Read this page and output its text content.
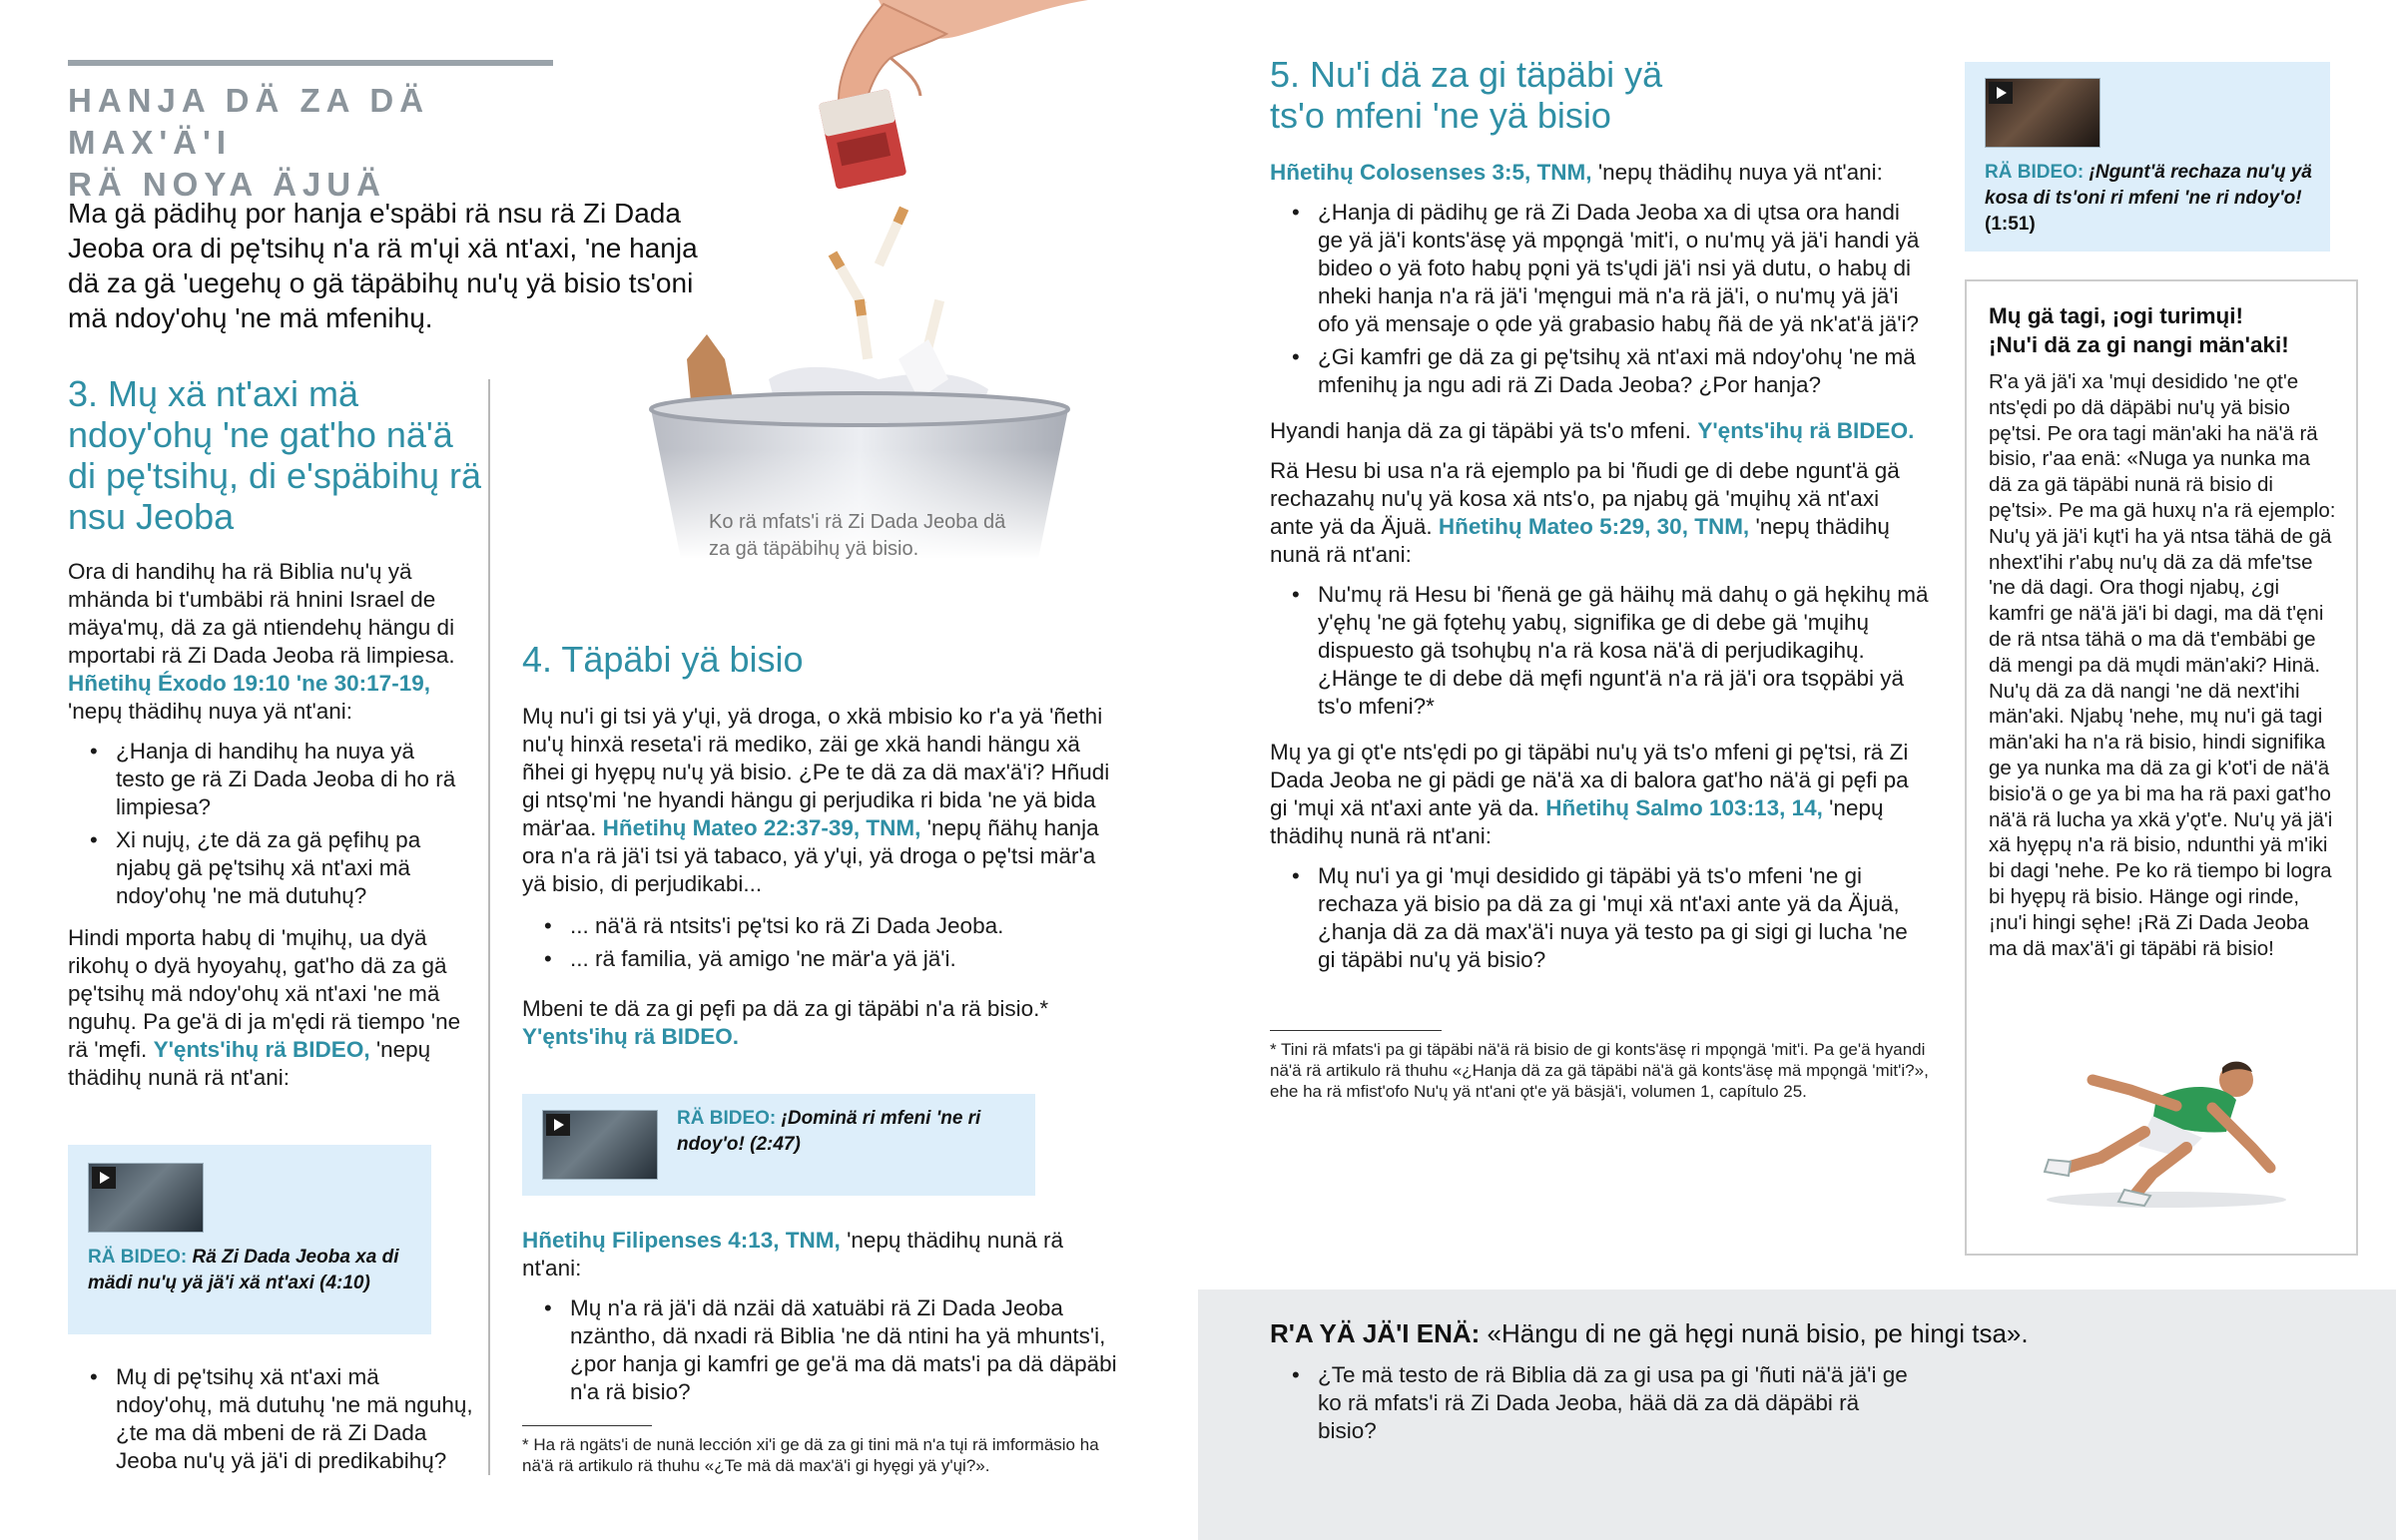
HANJA DÄ ZA DÄ MAX'Ä'I
RÄ NOYA ÄJUÄ

Ma gä pädihų por hanja e'späbi rä nsu rä Zi Dada Jeoba ora di pę'tsihų n'a rä m'ųi xä nt'axi, 'ne hanja dä za gä 'uegehų o gä täpäbihų nu'ų yä bisio ts'oni mä ndoy'ohų 'ne mä mfenihų.

Ko rä mfats'i rä Zi Dada Jeoba dä za gä täpäbihų yä bisio.

3. Mų xä nt'axi mä ndoy'ohų 'ne gat'ho nä'ä di pę'tsihų, di e'späbihų rä nsu Jeoba

Ora di handihų ha rä Biblia nu'ų yä mhända bi t'umbäbi rä hnini Israel de mäya'mų, dä za gä ntiendehų hängu di mportabi rä Zi Dada Jeoba rä limpiesa. Hñetihų Éxodo 19:10 'ne 30:17-19, 'nepų thädihų nuya yä nt'ani:

• ¿Hanja di handihų ha nuya yä testo ge rä Zi Dada Jeoba di ho rä limpiesa?
• Xi nujų, ¿te dä za gä pęfihų pa njabų gä pę'tsihų xä nt'axi mä ndoy'ohų 'ne mä dutuhų?

Hindi mporta habų di 'mųihų, ua dyä rikohų o dyä hyoyahų, gat'ho dä za gä pę'tsihų mä ndoy'ohų xä nt'axi 'ne mä nguhų. Pa ge'ä di ja m'ędi rä tiempo 'ne rä 'męfi. Y'ęnts'ihų rä BIDEO, 'nepų thädihų nunä rä nt'ani:

RÄ BIDEO: Rä Zi Dada Jeoba xa di mädi nu'ų yä jä'i xä nt'axi (4:10)

• Mų di pę'tsihų xä nt'axi mä ndoy'ohų, mä dutuhų 'ne mä nguhų, ¿te ma dä mbeni de rä Zi Dada Jeoba nu'ų yä jä'i di predikabihų?
4. Täpäbi yä bisio

Mų nu'i gi tsi yä y'ųi, yä droga, o xkä mbisio ko r'a yä 'ñethi nu'ų hinxä reseta'i rä mediko, zäi ge xkä handi hängu xä ñhei gi hyępų nu'ų yä bisio. ¿Pe te dä za dä max'ä'i? Hñudi gi ntsǫ'mi 'ne hyandi hängu gi perjudika ri bida 'ne yä bida mär'aa. Hñetihų Mateo 22:37-39, TNM, 'nepų ñähų hanja ora n'a rä jä'i tsi yä tabaco, yä y'ųi, yä droga o pę'tsi mär'a yä bisio, di perjudikabi...

• ... nä'ä rä ntsits'i pę'tsi ko rä Zi Dada Jeoba.
• ... rä familia, yä amigo 'ne mär'a yä jä'i.

Mbeni te dä za gi pęfi pa dä za gi täpäbi n'a rä bisio.*
Y'ęnts'ihų rä BIDEO.

RÄ BIDEO: ¡Dominä ri mfeni 'ne ri ndoy'o! (2:47)

Hñetihų Filipenses 4:13, TNM, 'nepų thädihų nunä rä nt'ani:

• Mų n'a rä jä'i dä nzäi dä xatuäbi rä Zi Dada Jeoba nzäntho, dä nxadi rä Biblia 'ne dä ntini ha yä mhunts'i, ¿por hanja gi kamfri ge ge'ä ma dä mats'i pa dä däpäbi n'a rä bisio?

* Ha rä ngäts'i de nunä lección xi'i ge dä za gi tini mä n'a tųi rä imformäsio ha nä'ä rä artikulo rä thuhu «¿Te mä dä max'ä'i gi hyęgi yä y'ųi?».

5. Nu'i dä za gi täpäbi yä
ts'o mfeni 'ne yä bisio

Hñetihų Colosenses 3:5, TNM, 'nepų thädihų nuya yä nt'ani:

• ¿Hanja di pädihų ge rä Zi Dada Jeoba xa di ųtsa ora handi ge yä jä'i konts'äsę yä mpǫngä 'mit'i, o nu'mų yä jä'i handi yä bideo o yä foto habų pǫni yä ts'ųdi jä'i nsi yä dutu, o habų di nheki hanja n'a rä jä'i 'męngui mä n'a rä jä'i, o nu'mų yä jä'i ofo yä mensaje o ǫde yä grabasio habų ñä de yä nk'at'ä jä'i?
• ¿Gi kamfri ge dä za gi pę'tsihų xä nt'axi mä ndoy'ohų 'ne mä mfenihų ja ngu adi rä Zi Dada Jeoba? ¿Por hanja?

Hyandi hanja dä za gi täpäbi yä ts'o mfeni. Y'ęnts'ihų rä BIDEO.

Rä Hesu bi usa n'a rä ejemplo pa bi 'ñudi ge di debe ngunt'ä gä rechazahų nu'ų yä kosa xä nts'o, pa njabų gä 'mųihų xä nt'axi ante yä da Äjuä. Hñetihų Mateo 5:29, 30, TNM, 'nepų thädihų nunä rä nt'ani:

• Nu'mų rä Hesu bi 'ñenä ge gä häihų mä dahų o gä hękihų mä y'ęhų 'ne gä fǫtehų yabų, signifika ge di debe gä 'mųihų dispuesto gä tsohųbų n'a rä kosa nä'ä di perjudikagihų. ¿Hänge te di debe dä męfi ngunt'ä n'a rä jä'i ora tsǫpäbi yä ts'o mfeni?*

Mų ya gi ǫt'e nts'ędi po gi täpäbi nu'ų yä ts'o mfeni gi pę'tsi, rä Zi Dada Jeoba ne gi pädi ge nä'ä xa di balora gat'ho nä'ä gi pęfi pa gi 'mųi xä nt'axi ante yä da. Hñetihų Salmo 103:13, 14, 'nepų thädihų nunä rä nt'ani:

• Mų nu'i ya gi 'mųi desidido gi täpäbi yä ts'o mfeni 'ne gi rechaza yä bisio pa dä za gi 'mųi xä nt'axi ante yä da Äjuä, ¿hanja dä za dä max'ä'i nuya yä testo pa gi sigi gi lucha 'ne gi täpäbi nu'ų yä bisio?

* Tini rä mfats'i pa gi täpäbi nä'ä rä bisio de gi konts'äsę ri mpǫngä 'mit'i. Pa ge'ä hyandi nä'ä rä artikulo rä thuhu «¿Hanja dä za gä täpäbi nä'ä gä konts'äsę mä mpǫngä 'mit'i?», ehe ha rä mfist'ofo Nu'ų yä nt'ani ǫt'e yä bäsjä'i, volumen 1, capítulo 25.

RÄ BIDEO: ¡Ngunt'ä rechaza nu'ų yä kosa di ts'oni ri mfeni 'ne ri ndoy'o! (1:51)

Mų gä tagi, ¡ogi turimųi!
¡Nu'i dä za gi nangi män'aki!

R'a yä jä'i xa 'mųi desidido 'ne ǫt'e nts'ędi po dä däpäbi nu'ų yä bisio pę'tsi. Pe ora tagi män'aki ha nä'ä rä bisio, r'aa enä: «Nuga ya nunka ma dä za gä täpäbi nunä rä bisio di pę'tsi». Pe ma gä huxų n'a rä ejemplo: Nu'ų yä jä'i kųt'i ha yä ntsa tähä de gä nhext'ihi r'abų nu'ų dä za dä mfe'tse 'ne dä dagi. Ora thogi njabų, ¿gi kamfri ge nä'ä jä'i bi dagi, ma dä t'ęni de rä ntsa tähä o ma dä t'embäbi ge dä mengi pa dä mųdi män'aki? Hinä. Nu'ų dä za dä nangi 'ne dä next'ihi män'aki. Njabų 'nehe, mų nu'i gä tagi män'aki ha n'a rä bisio, hindi signifika ge ya nunka ma dä za gi k'ot'i de nä'ä bisio'ä o ge ya bi ma ha rä paxi gat'ho nä'ä rä lucha ya xkä y'ǫt'e. Nu'ų yä jä'i xä hyępų n'a rä bisio, ndunthi yä m'iki bi dagi 'nehe. Pe ko rä tiempo bi logra bi hyępų rä bisio. Hänge ogi rinde, ¡nu'i hingi sęhe! ¡Rä Zi Dada Jeoba ma dä max'ä'i gi täpäbi rä bisio!

R'A YÄ JÄ'I ENÄ: «Hängu di ne gä hęgi nunä bisio, pe hingi tsa».

• ¿Te mä testo de rä Biblia dä za gi usa pa gi 'ñuti nä'ä jä'i ge ko rä mfats'i rä Zi Dada Jeoba, hää dä za dä däpäbi rä bisio?
